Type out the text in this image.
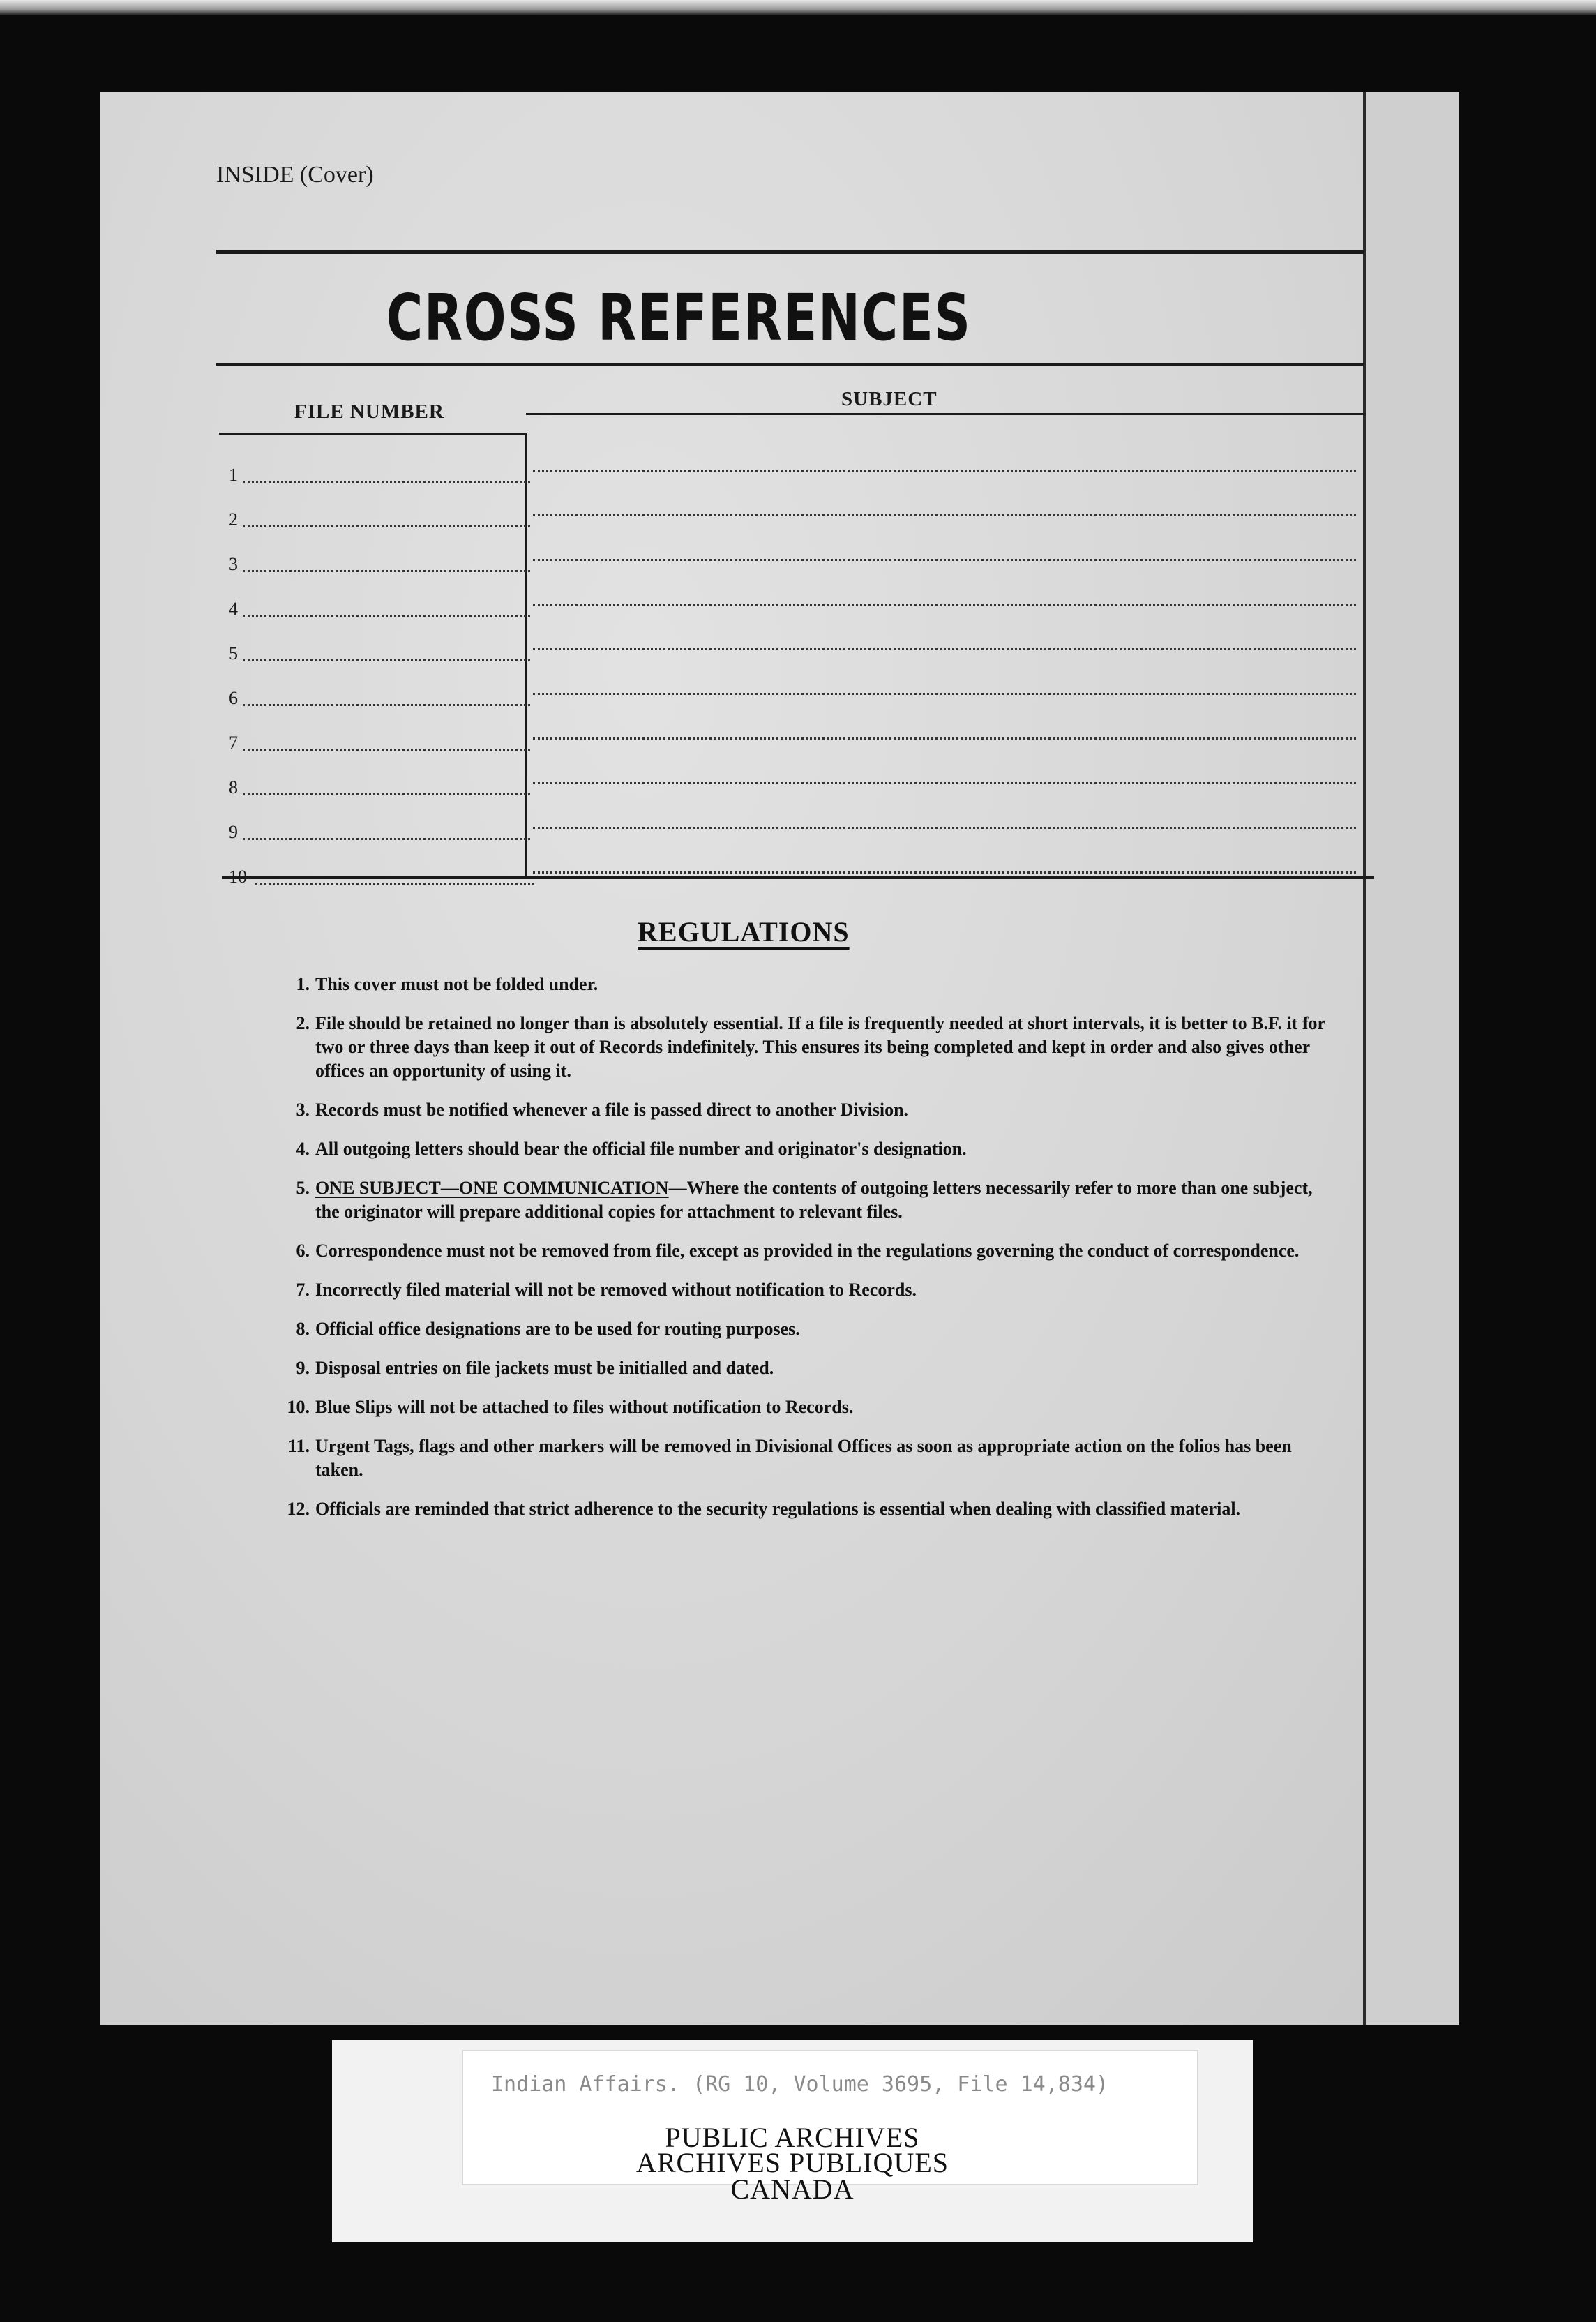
INSIDE (Cover)
CROSS REFERENCES
FILE NUMBER
SUBJECT
1
2
3
4
5
6
7
8
9
REGULATIONS
1. This cover must not be folded under.
2. File should be retained no longer than is absolutely essential. If a file is frequently needed at short intervals, it is better to B.F. it for two or three days than keep it out of Records indefinitely. This ensures its being completed and kept in order and also gives other offices an opportunity of using it.
3. Records must be notified whenever a file is passed direct to another Division.
4. All outgoing letters should bear the official file number and originator's designation.
5. ONE SUBJECT—ONE COMMUNICATION—Where the contents of outgoing letters necessarily refer to more than one subject, the originator will prepare additional copies for attachment to relevant files.
6. Correspondence must not be removed from file, except as provided in the regulations governing the conduct of correspondence.
7. Incorrectly filed material will not be removed without notification to Records.
8. Official office designations are to be used for routing purposes.
9. Disposal entries on file jackets must be initialled and dated.
10. Blue Slips will not be attached to files without notification to Records.
11. Urgent Tags, flags and other markers will be removed in Divisional Offices as soon as appropriate action on the folios has been taken.
12. Officials are reminded that strict adherence to the security regulations is essential when dealing with classified material.
Indian Affairs. (RG 10, Volume 3695, File 14,834)
PUBLIC ARCHIVES
ARCHIVES PUBLIQUES
CANADA
